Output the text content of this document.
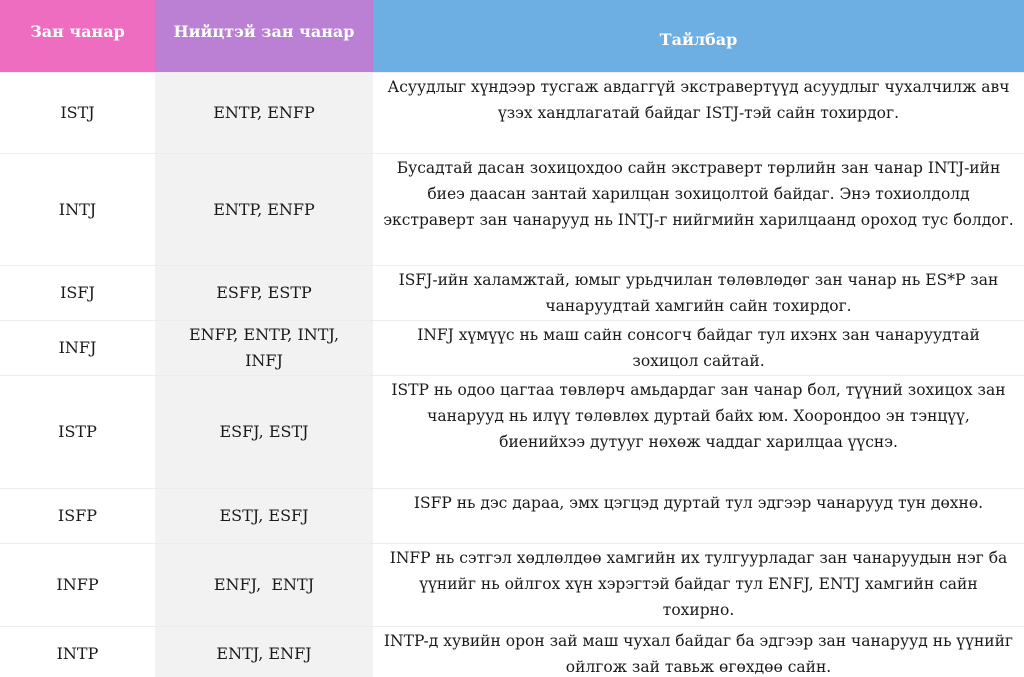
Зан чанар	Нийцтэй зан чанар	Тайлбар
ISTJ	ENTP, ENFP	Асуудлыг хүндээр тусгаж авдаггүй экстравертүүд асуудлыг чухалчилж авч үзэх хандлагатай байдаг ISTJ-тэй сайн тохирдог.
INTJ	ENTP, ENFP	Бусадтай дасан зохицохдоо сайн экстраверт төрлийн зан чанар INTJ-ийн биеэ даасан зантай харилцан зохицолтой байдаг. Энэ тохиолдолд экстраверт зан чанарууд нь INTJ-г нийгмийн харилцаанд ороход тус болдог.
ISFJ	ESFP, ESTP	ISFJ-ийн халамжтай, юмыг урьдчилан төлөвлөдөг зан чанар нь ES*P зан чанаруудтай хамгийн сайн тохирдог.
INFJ	ENFP, ENTP, INTJ, INFJ	INFJ хүмүүс нь маш сайн сонсогч байдаг тул ихэнх зан чанаруудтай зохицол сайтай.
ISTP	ESFJ, ESTJ	ISTP нь одоо цагтаа төвлөрч амьдардаг зан чанар бол, түүний зохицох зан чанарууд нь илүү төлөвлөх дуртай байх юм. Хоорондоо эн тэнцүү, биенийхээ дутууг нөхөж чаддаг харилцаа үүснэ.
ISFP	ESTJ, ESFJ	ISFP нь дэс дараа, эмх цэгцэд дуртай тул эдгээр чанарууд тун дөхнө.
INFP	ENFJ,  ENTJ	INFP нь сэтгэл хөдлөлдөө хамгийн их тулгуурладаг зан чанаруудын нэг ба үүнийг нь ойлгох хүн хэрэгтэй байдаг тул ENFJ, ENTJ хамгийн сайн тохирно.
INTP	ENTJ, ENFJ	INTP-д хувийн орон зай маш чухал байдаг ба эдгээр зан чанарууд нь үүнийг ойлгож зай тавьж өгөхдөө сайн.
